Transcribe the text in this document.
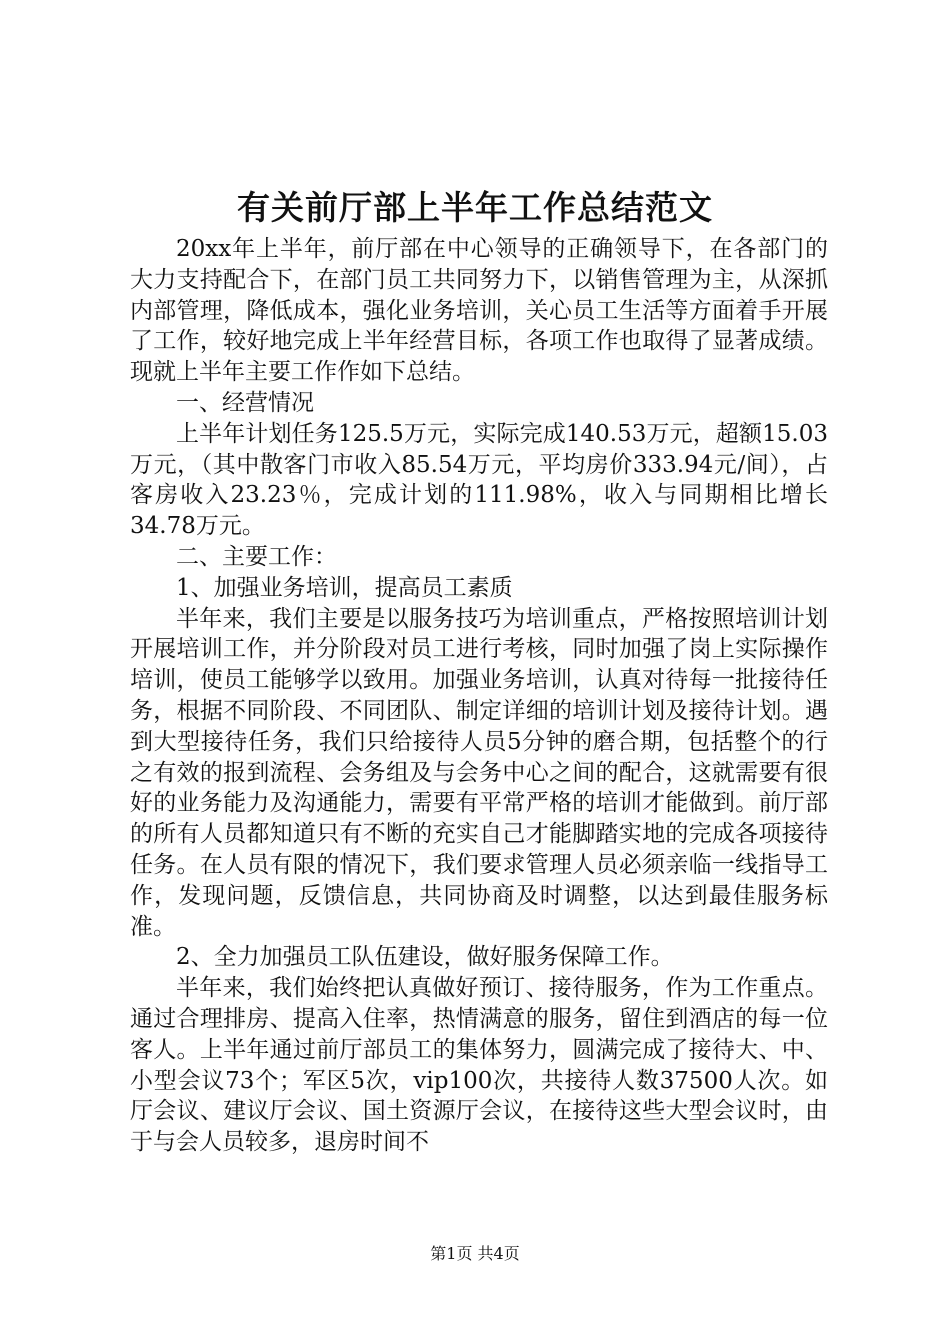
有关前厅部上半年工作总结范文

20xx年上半年，前厅部在中心领导的正确领导下，在各部门的大力支持配合下，在部门员工共同努力下，以销售管理为主，从深抓内部管理，降低成本，强化业务培训，关心员工生活等方面着手开展了工作，较好地完成上半年经营目标，各项工作也取得了显著成绩。现就上半年主要工作作如下总结。

一、经营情况

上半年计划任务125.5万元，实际完成140.53万元，超额15.03万元，（其中散客门市收入85.54万元，平均房价333.94元/间），占客房收入23.23％，完成计划的111.98%，收入与同期相比增长34.78万元。

二、主要工作：

1、加强业务培训，提高员工素质

半年来，我们主要是以服务技巧为培训重点，严格按照培训计划开展培训工作，并分阶段对员工进行考核，同时加强了岗上实际操作培训，使员工能够学以致用。加强业务培训，认真对待每一批接待任务，根据不同阶段、不同团队、制定详细的培训计划及接待计划。遇到大型接待任务，我们只给接待人员5分钟的磨合期，包括整个的行之有效的报到流程、会务组及与会务中心之间的配合，这就需要有很好的业务能力及沟通能力，需要有平常严格的培训才能做到。前厅部的所有人员都知道只有不断的充实自己才能脚踏实地的完成各项接待任务。在人员有限的情况下，我们要求管理人员必须亲临一线指导工作，发现问题，反馈信息，共同协商及时调整，以达到最佳服务标准。

2、全力加强员工队伍建设，做好服务保障工作。

半年来，我们始终把认真做好预订、接待服务，作为工作重点。通过合理排房、提高入住率，热情满意的服务，留住到酒店的每一位客人。上半年通过前厅部员工的集体努力，圆满完成了接待大、中、小型会议73个；军区5次，vip100次，共接待人数37500人次。如厅会议、建议厅会议、国土资源厅会议，在接待这些大型会议时，由于与会人员较多，退房时间不

第1页 共4页
